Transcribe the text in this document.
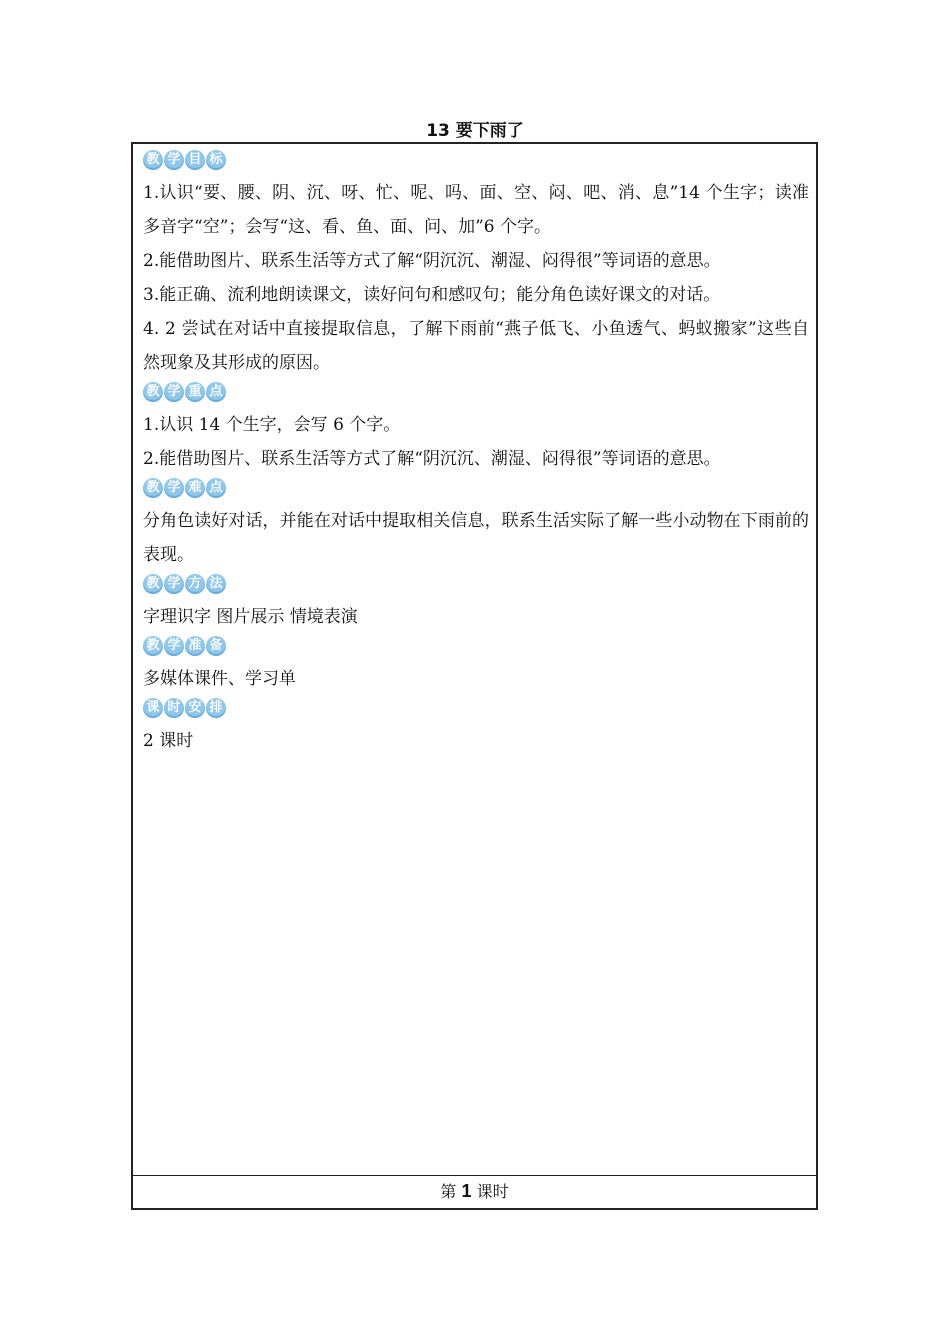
13 要下雨了
教 学 目 标

1.认识“要、腰、阴、沉、呀、忙、呢、吗、面、空、闷、吧、消、息”14 个生字；读准多音字“空”；会写“这、看、鱼、面、问、加”6 个字。

2.能借助图片、联系生活等方式了解“阴沉沉、潮湿、闷得很”等词语的意思。

3.能正确、流利地朗读课文，读好问句和感叹句；能分角色读好课文的对话。

4. 2 尝试在对话中直接提取信息，了解下雨前“燕子低飞、小鱼透气、蚂蚁搬家”这些自然现象及其形成的原因。

教 学 重 点

1.认识 14 个生字，会写 6 个字。

2.能借助图片、联系生活等方式了解“阴沉沉、潮湿、闷得很”等词语的意思。

教 学 难 点

分角色读好对话，并能在对话中提取相关信息，联系生活实际了解一些小动物在下雨前的表现。

教 学 方 法

字理识字 图片展示 情境表演

教 学 准 备

多媒体课件、学习单

课 时 安 排

2 课时

第 1 课时
